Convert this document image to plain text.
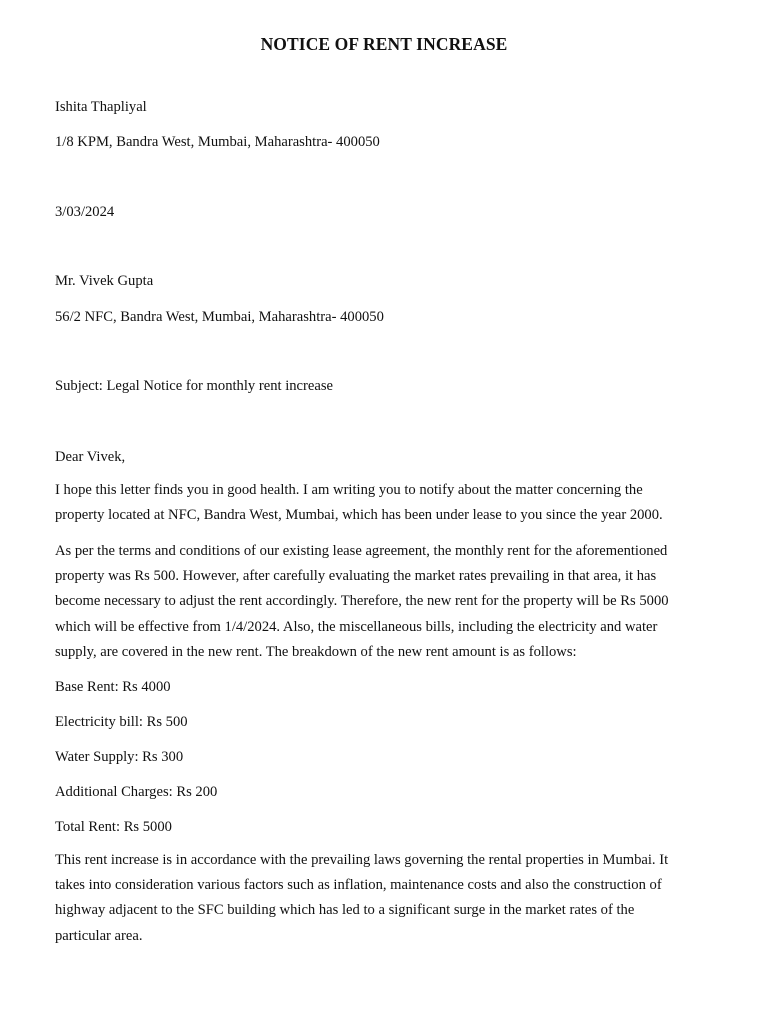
NOTICE OF RENT INCREASE
Ishita Thapliyal
1/8 KPM, Bandra West, Mumbai, Maharashtra- 400050
3/03/2024
Mr. Vivek Gupta
56/2 NFC, Bandra West, Mumbai, Maharashtra- 400050
Subject: Legal Notice for monthly rent increase
Dear Vivek,
I hope this letter finds you in good health. I am writing you to notify about the matter concerning the
property located at NFC, Bandra West, Mumbai, which has been under lease to you since the year 2000.
As per the terms and conditions of our existing lease agreement, the monthly rent for the aforementioned
property was Rs 500. However, after carefully evaluating the market rates prevailing in that area, it has
become necessary to adjust the rent accordingly. Therefore, the new rent for the property will be Rs 5000
which will be effective from 1/4/2024. Also, the miscellaneous bills, including the electricity and water
supply, are covered in the new rent. The breakdown of the new rent amount is as follows:
Base Rent: Rs 4000
Electricity bill: Rs 500
Water Supply: Rs 300
Additional Charges: Rs 200
Total Rent: Rs 5000
This rent increase is in accordance with the prevailing laws governing the rental properties in Mumbai. It
takes into consideration various factors such as inflation, maintenance costs and also the construction of
highway adjacent to the SFC building which has led to a significant surge in the market rates of the
particular area.
